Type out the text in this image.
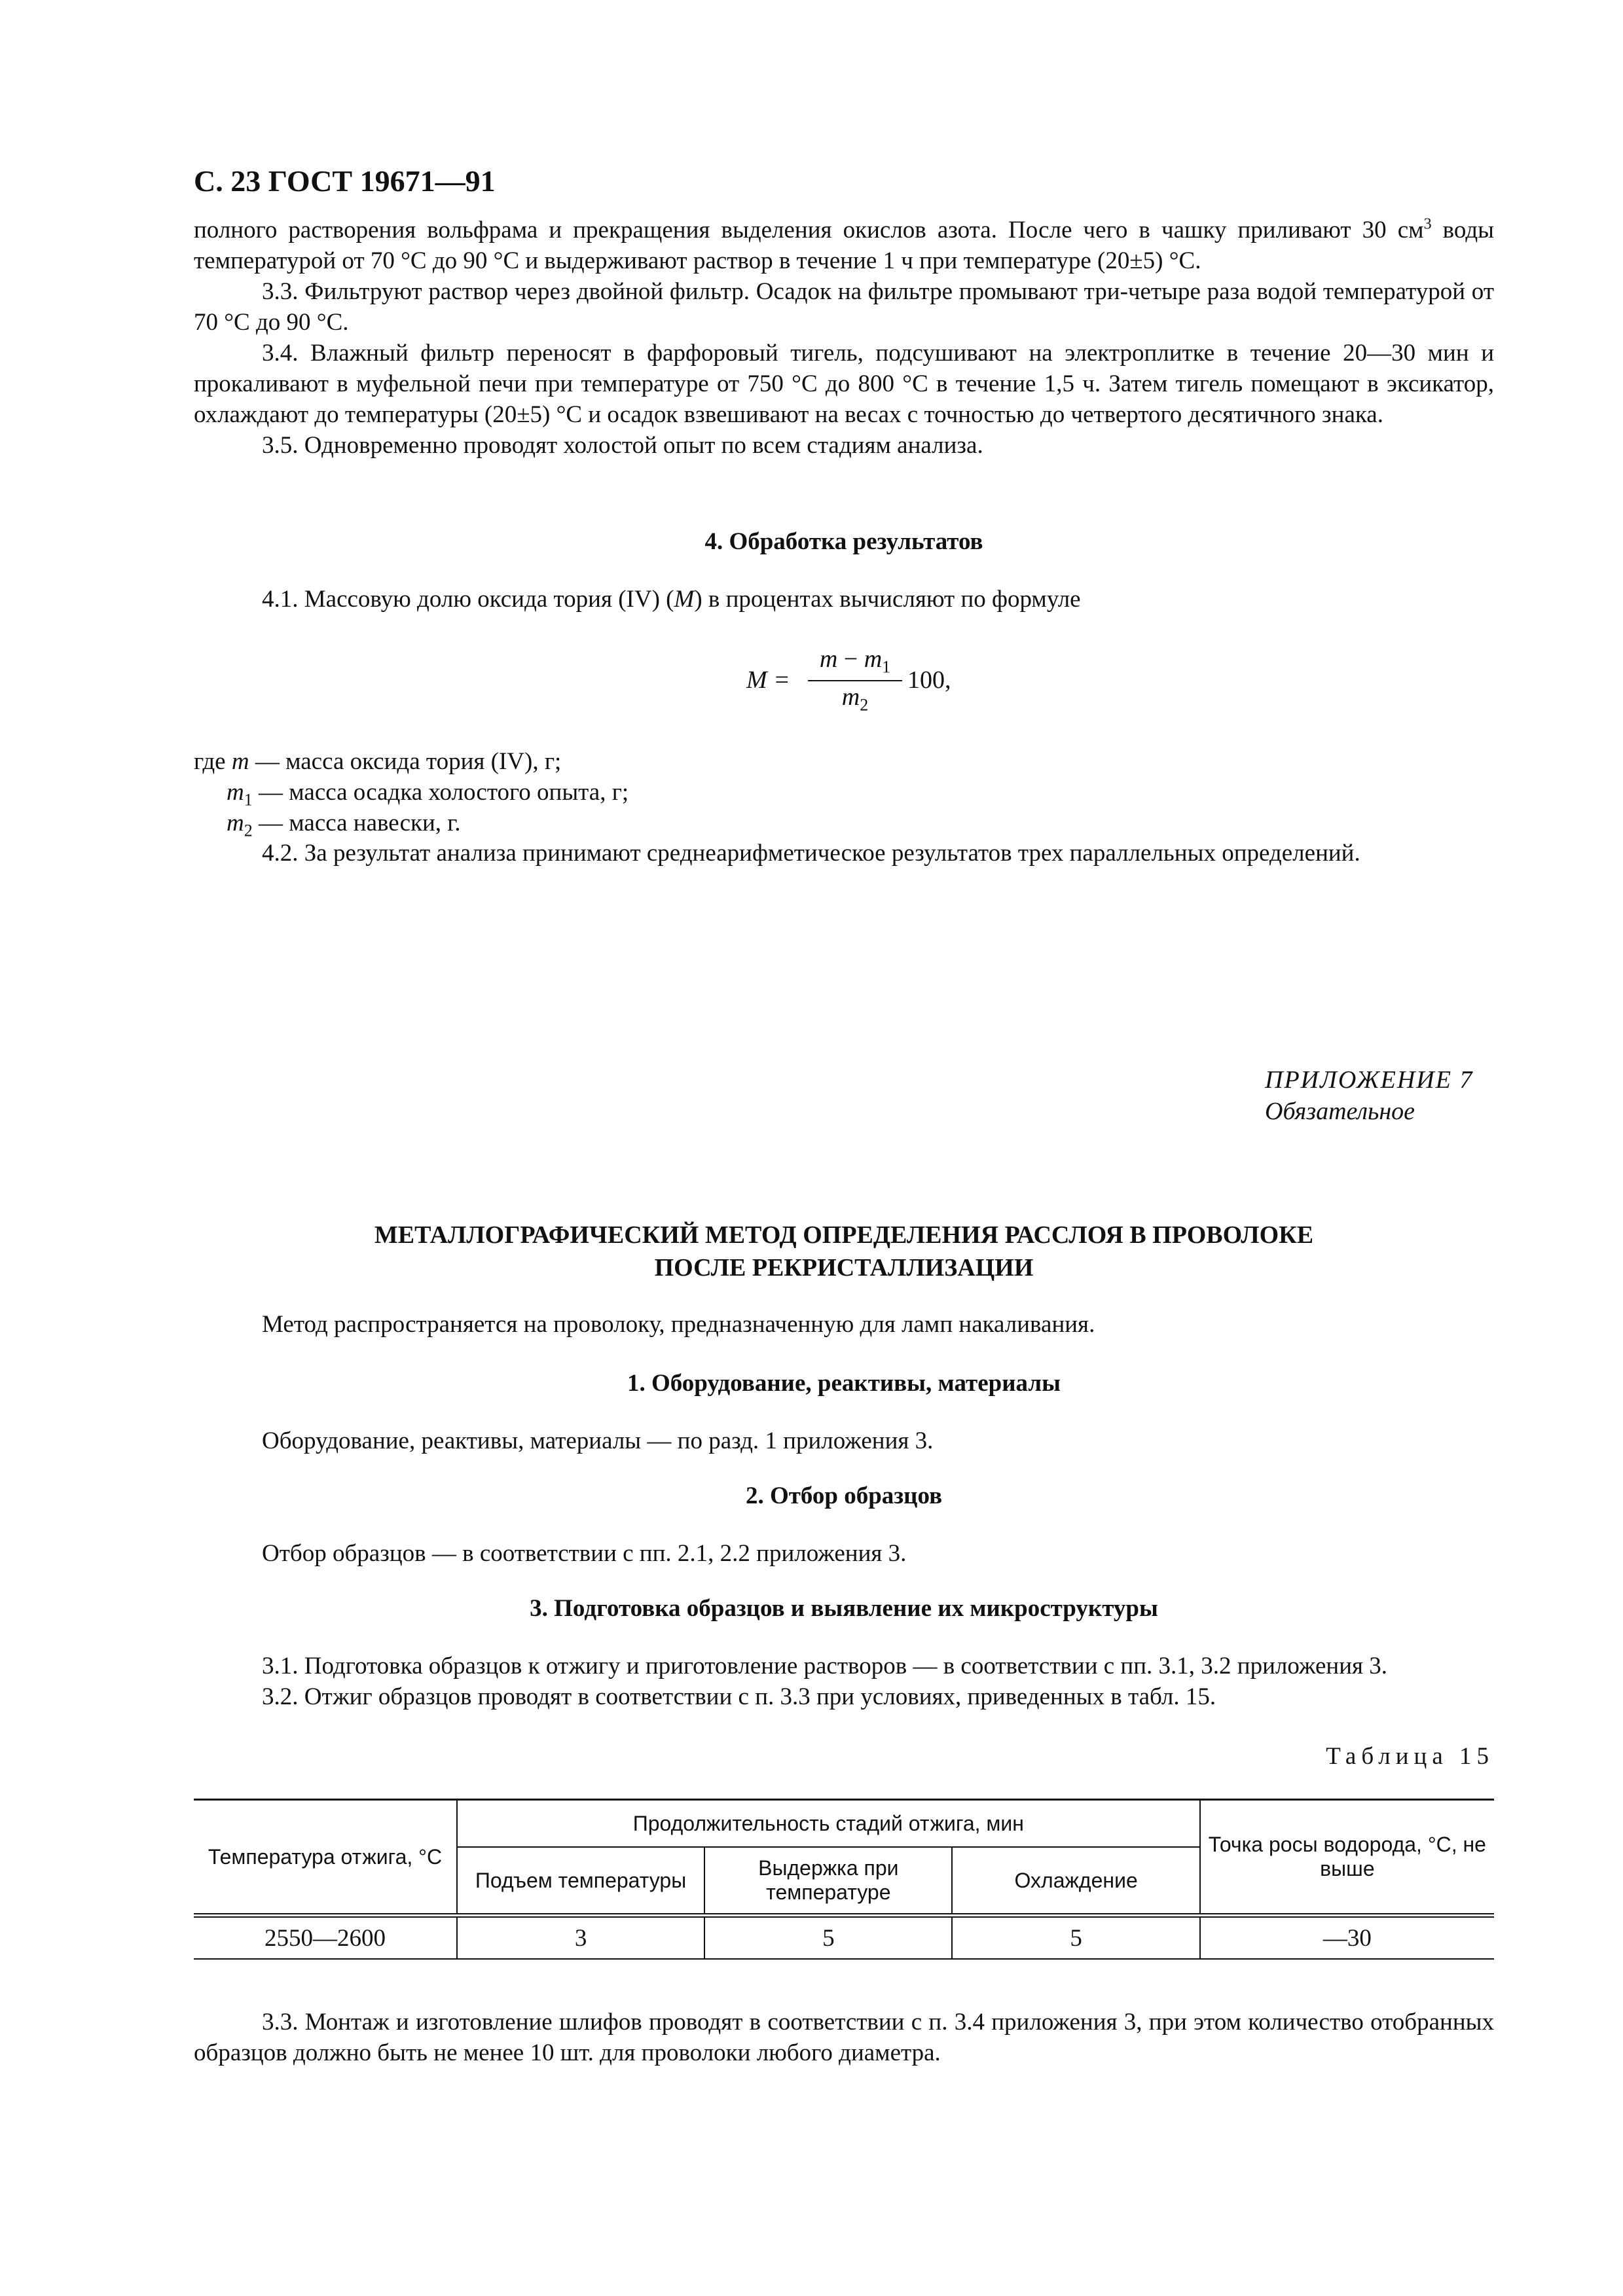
С. 23 ГОСТ 19671—91

полного растворения вольфрама и прекращения выделения окислов азота. После чего в чашку приливают 30 $см^3$ воды температурой от 70 °С до 90 °С и выдерживают раствор в течение 1 ч при температуре (20±5) °С.

3.3. Фильтруют раствор через двойной фильтр. Осадок на фильтре промывают три-четыре раза водой температурой от 70 °С до 90 °С.

3.4. Влажный фильтр переносят в фарфоровый тигель, подсушивают на электроплитке в течение 20—30 мин и прокаливают в муфельной печи при температуре от 750 °С до 800 °С в течение 1,5 ч. Затем тигель помещают в эксикатор, охлаждают до температуры (20±5) °С и осадок взвешивают на весах с точностью до четвертого десятичного знака.

3.5. Одновременно проводят холостой опыт по всем стадиям анализа.

4. Обработка результатов

4.1. Массовую долю оксида тория (IV) (М) в процентах вычисляют по формуле

M =
$m - m_1$
$m_2$
100,
где m — масса оксида тория (IV), г;
$m_1$ — масса осадка холостого опыта, г;
$m_2$ — масса навески, г.

4.2. За результат анализа принимают среднеарифметическое результатов трех параллельных определений.

ПРИЛОЖЕНИЕ 7
Обязательное
МЕТАЛЛОГРАФИЧЕСКИЙ МЕТОД ОПРЕДЕЛЕНИЯ РАССЛОЯ В ПРОВОЛОКЕ
ПОСЛЕ РЕКРИСТАЛЛИЗАЦИИ

Метод распространяется на проволоку, предназначенную для ламп накаливания.

1. Оборудование, реактивы, материалы

Оборудование, реактивы, материалы — по разд. 1 приложения 3.

2. Отбор образцов

Отбор образцов — в соответствии с пп. 2.1, 2.2 приложения 3.

3. Подготовка образцов и выявление их микроструктуры

3.1. Подготовка образцов к отжигу и приготовление растворов — в соответствии с пп. 3.1, 3.2 приложения 3.

3.2. Отжиг образцов проводят в соответствии с п. 3.3 при условиях, приведенных в табл. 15.

Таблица 15
Температура отжига, °С	Продолжительность стадий отжига, мин			Точка росы водорода, °С, не выше
	Подъем температуры	Выдержка при температуре	Охлаждение	
2550—2600	3	5	5	—30

3.3. Монтаж и изготовление шлифов проводят в соответствии с п. 3.4 приложения 3, при этом количество отобранных образцов должно быть не менее 10 шт. для проволоки любого диаметра.
